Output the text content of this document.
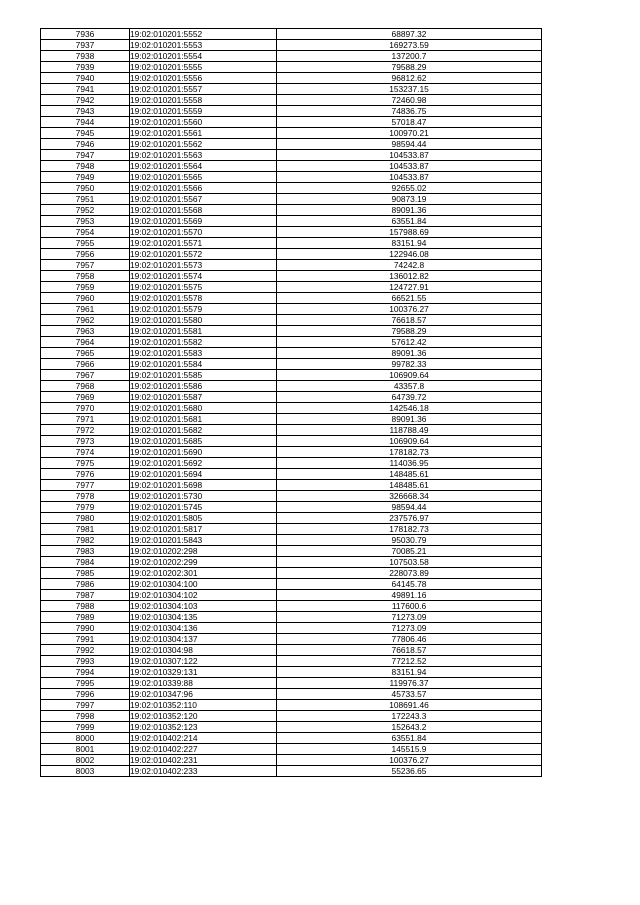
7936	19:02:010201:5552	68897.32
7937	19:02:010201:5553	169273.59
7938	19:02:010201:5554	137200.7
7939	19:02:010201:5555	79588.29
7940	19:02:010201:5556	96812.62
7941	19:02:010201:5557	153237.15
7942	19:02:010201:5558	72460.98
7943	19:02:010201:5559	74836.75
7944	19:02:010201:5560	57018.47
7945	19:02:010201:5561	100970.21
7946	19:02:010201:5562	98594.44
7947	19:02:010201:5563	104533.87
7948	19:02:010201:5564	104533.87
7949	19:02:010201:5565	104533.87
7950	19:02:010201:5566	92655.02
7951	19:02:010201:5567	90873.19
7952	19:02:010201:5568	89091.36
7953	19:02:010201:5569	63551.84
7954	19:02:010201:5570	157988.69
7955	19:02:010201:5571	83151.94
7956	19:02:010201:5572	122946.08
7957	19:02:010201:5573	74242.8
7958	19:02:010201:5574	136012.82
7959	19:02:010201:5575	124727.91
7960	19:02:010201:5578	66521.55
7961	19:02:010201:5579	100376.27
7962	19:02:010201:5580	76618.57
7963	19:02:010201:5581	79588.29
7964	19:02:010201:5582	57612.42
7965	19:02:010201:5583	89091.36
7966	19:02:010201:5584	99782.33
7967	19:02:010201:5585	106909.64
7968	19:02:010201:5586	43357.8
7969	19:02:010201:5587	64739.72
7970	19:02:010201:5680	142546.18
7971	19:02:010201:5681	89091.36
7972	19:02:010201:5682	118788.49
7973	19:02:010201:5685	106909.64
7974	19:02:010201:5690	178182.73
7975	19:02:010201:5692	114036.95
7976	19:02:010201:5694	148485.61
7977	19:02:010201:5698	148485.61
7978	19:02:010201:5730	326668.34
7979	19:02:010201:5745	98594.44
7980	19:02:010201:5805	237576.97
7981	19:02:010201:5817	178182.73
7982	19:02:010201:5843	95030.79
7983	19:02:010202:298	70085.21
7984	19:02:010202:299	107503.58
7985	19:02:010202:301	228073.89
7986	19:02:010304:100	64145.78
7987	19:02:010304:102	49891.16
7988	19:02:010304:103	117600.6
7989	19:02:010304:135	71273.09
7990	19:02:010304:136	71273.09
7991	19:02:010304:137	77806.46
7992	19:02:010304:98	76618.57
7993	19:02:010307:122	77212.52
7994	19:02:010329:131	83151.94
7995	19:02:010339:88	119976.37
7996	19:02:010347:96	45733.57
7997	19:02:010352:110	108691.46
7998	19:02:010352:120	172243.3
7999	19:02:010352:123	152643.2
8000	19:02:010402:214	63551.84
8001	19:02:010402:227	145515.9
8002	19:02:010402:231	100376.27
8003	19:02:010402:233	55236.65
